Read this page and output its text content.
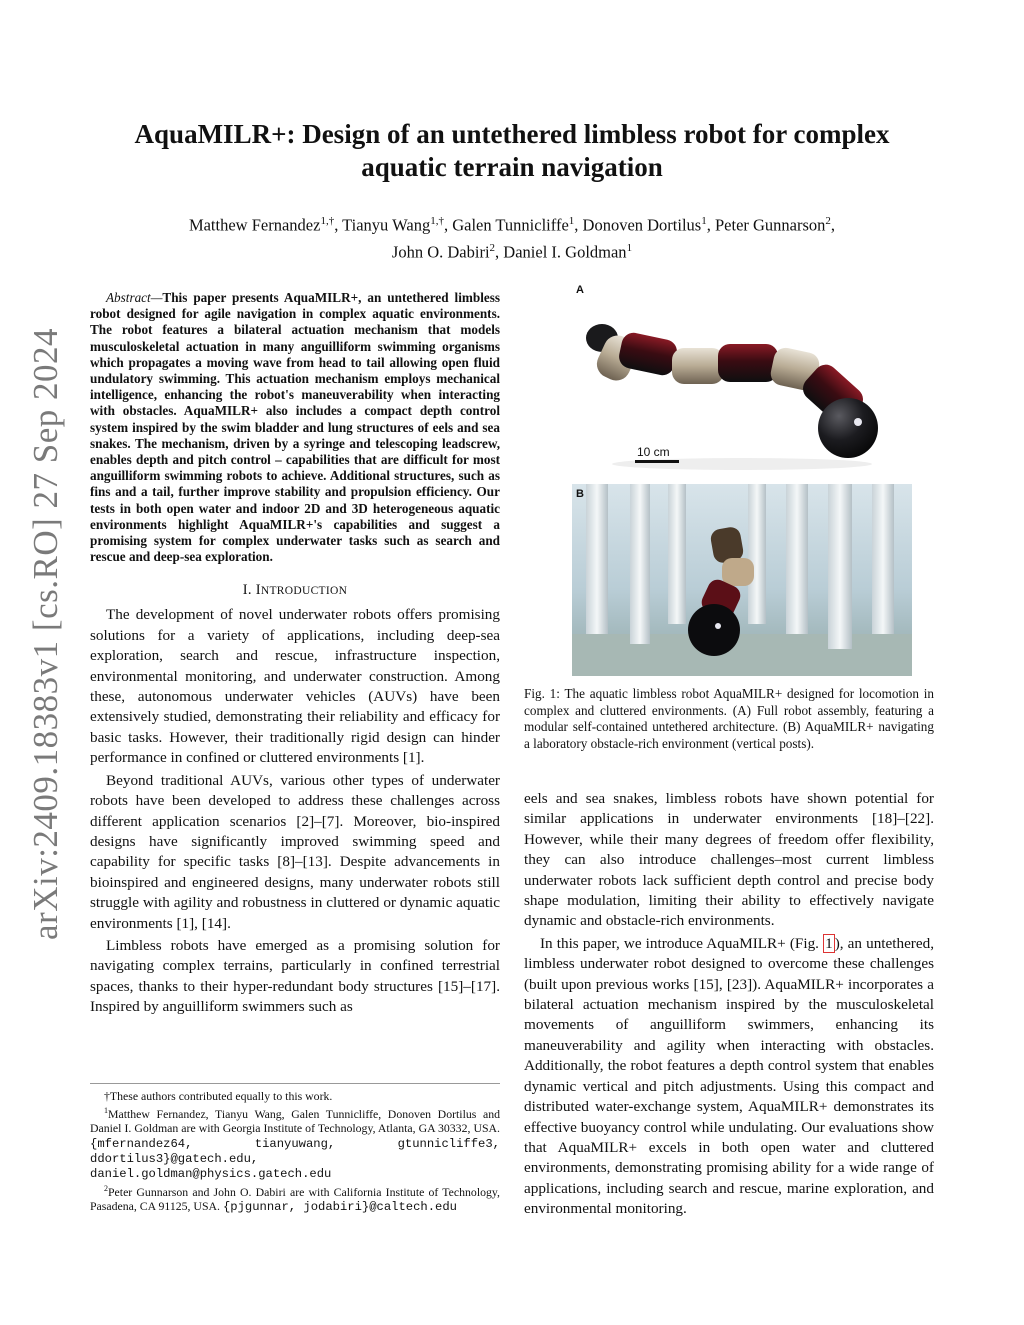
arXiv:2409.18383v1 [cs.RO] 27 Sep 2024
AquaMILR+: Design of an untethered limbless robot for complex aquatic terrain navigation
Matthew Fernandez$^{1,\dagger}$, Tianyu Wang$^{1,\dagger}$, Galen Tunnicliffe$^1$, Donoven Dortilus$^1$, Peter Gunnarson$^2$,
John O. Dabiri$^2$, Daniel I. Goldman$^1$

Abstract—This paper presents AquaMILR+, an untethered limbless robot designed for agile navigation in complex aquatic environments. The robot features a bilateral actuation mechanism that models musculoskeletal actuation in many anguilliform swimming organisms which propagates a moving wave from head to tail allowing open fluid undulatory swimming. This actuation mechanism employs mechanical intelligence, enhancing the robot's maneuverability when interacting with obstacles. AquaMILR+ also includes a compact depth control system inspired by the swim bladder and lung structures of eels and sea snakes. The mechanism, driven by a syringe and telescoping leadscrew, enables depth and pitch control – capabilities that are difficult for most anguilliform swimming robots to achieve. Additional structures, such as fins and a tail, further improve stability and propulsion efficiency. Our tests in both open water and indoor 2D and 3D heterogeneous aquatic environments highlight AquaMILR+'s capabilities and suggest a promising system for complex underwater tasks such as search and rescue and deep-sea exploration.

I. INTRODUCTION

The development of novel underwater robots offers promising solutions for a variety of applications, including deep-sea exploration, search and rescue, infrastructure inspection, environmental monitoring, and underwater construction. Among these, autonomous underwater vehicles (AUVs) have been extensively studied, demonstrating their reliability and efficacy for basic tasks. However, their traditionally rigid design can hinder performance in confined or cluttered environments [1].

Beyond traditional AUVs, various other types of underwater robots have been developed to address these challenges across different application scenarios [2]–[7]. Moreover, bio-inspired designs have significantly improved swimming speed and capability for specific tasks [8]–[13]. Despite advancements in bioinspired and engineered designs, many underwater robots still struggle with agility and robustness in cluttered or dynamic aquatic environments [1], [14].

Limbless robots have emerged as a promising solution for navigating complex terrains, particularly in confined terrestrial spaces, thanks to their hyper-redundant body structures [15]–[17]. Inspired by anguilliform swimmers such as

†These authors contributed equally to this work.

$^1$Matthew Fernandez, Tianyu Wang, Galen Tunnicliffe, Donoven Dortilus and Daniel I. Goldman are with Georgia Institute of Technology, Atlanta, GA 30332, USA. {mfernandez64, tianyuwang, gtunnicliffe3, ddortilus3}@gatech.edu, daniel.goldman@physics.gatech.edu

$^2$Peter Gunnarson and John O. Dabiri are with California Institute of Technology, Pasadena, CA 91125, USA. {pjgunnar, jodabiri}@caltech.edu

A
10 cm
B

Fig. 1: The aquatic limbless robot AquaMILR+ designed for locomotion in complex and cluttered environments. (A) Full robot assembly, featuring a modular self-contained untethered architecture. (B) AquaMILR+ navigating a laboratory obstacle-rich environment (vertical posts).

eels and sea snakes, limbless robots have shown potential for similar applications in underwater environments [18]–[22]. However, while their many degrees of freedom offer flexibility, they can also introduce challenges–most current limbless underwater robots lack sufficient depth control and precise body shape modulation, limiting their ability to effectively navigate dynamic and obstacle-rich environments.

In this paper, we introduce AquaMILR+ (Fig. 1 ), an untethered, limbless underwater robot designed to overcome these challenges (built upon previous works [15], [23]). AquaMILR+ incorporates a bilateral actuation mechanism inspired by the musculoskeletal movements of anguilliform swimmers, enhancing its maneuverability and agility when interacting with obstacles. Additionally, the robot features a depth control system that enables dynamic vertical and pitch adjustments. Using this compact and distributed water-exchange system, AquaMILR+ demonstrates its effective buoyancy control while undulating. Our evaluations show that AquaMILR+ excels in both open water and cluttered environments, demonstrating promising ability for a wide range of applications, including search and rescue, marine exploration, and environmental monitoring.
